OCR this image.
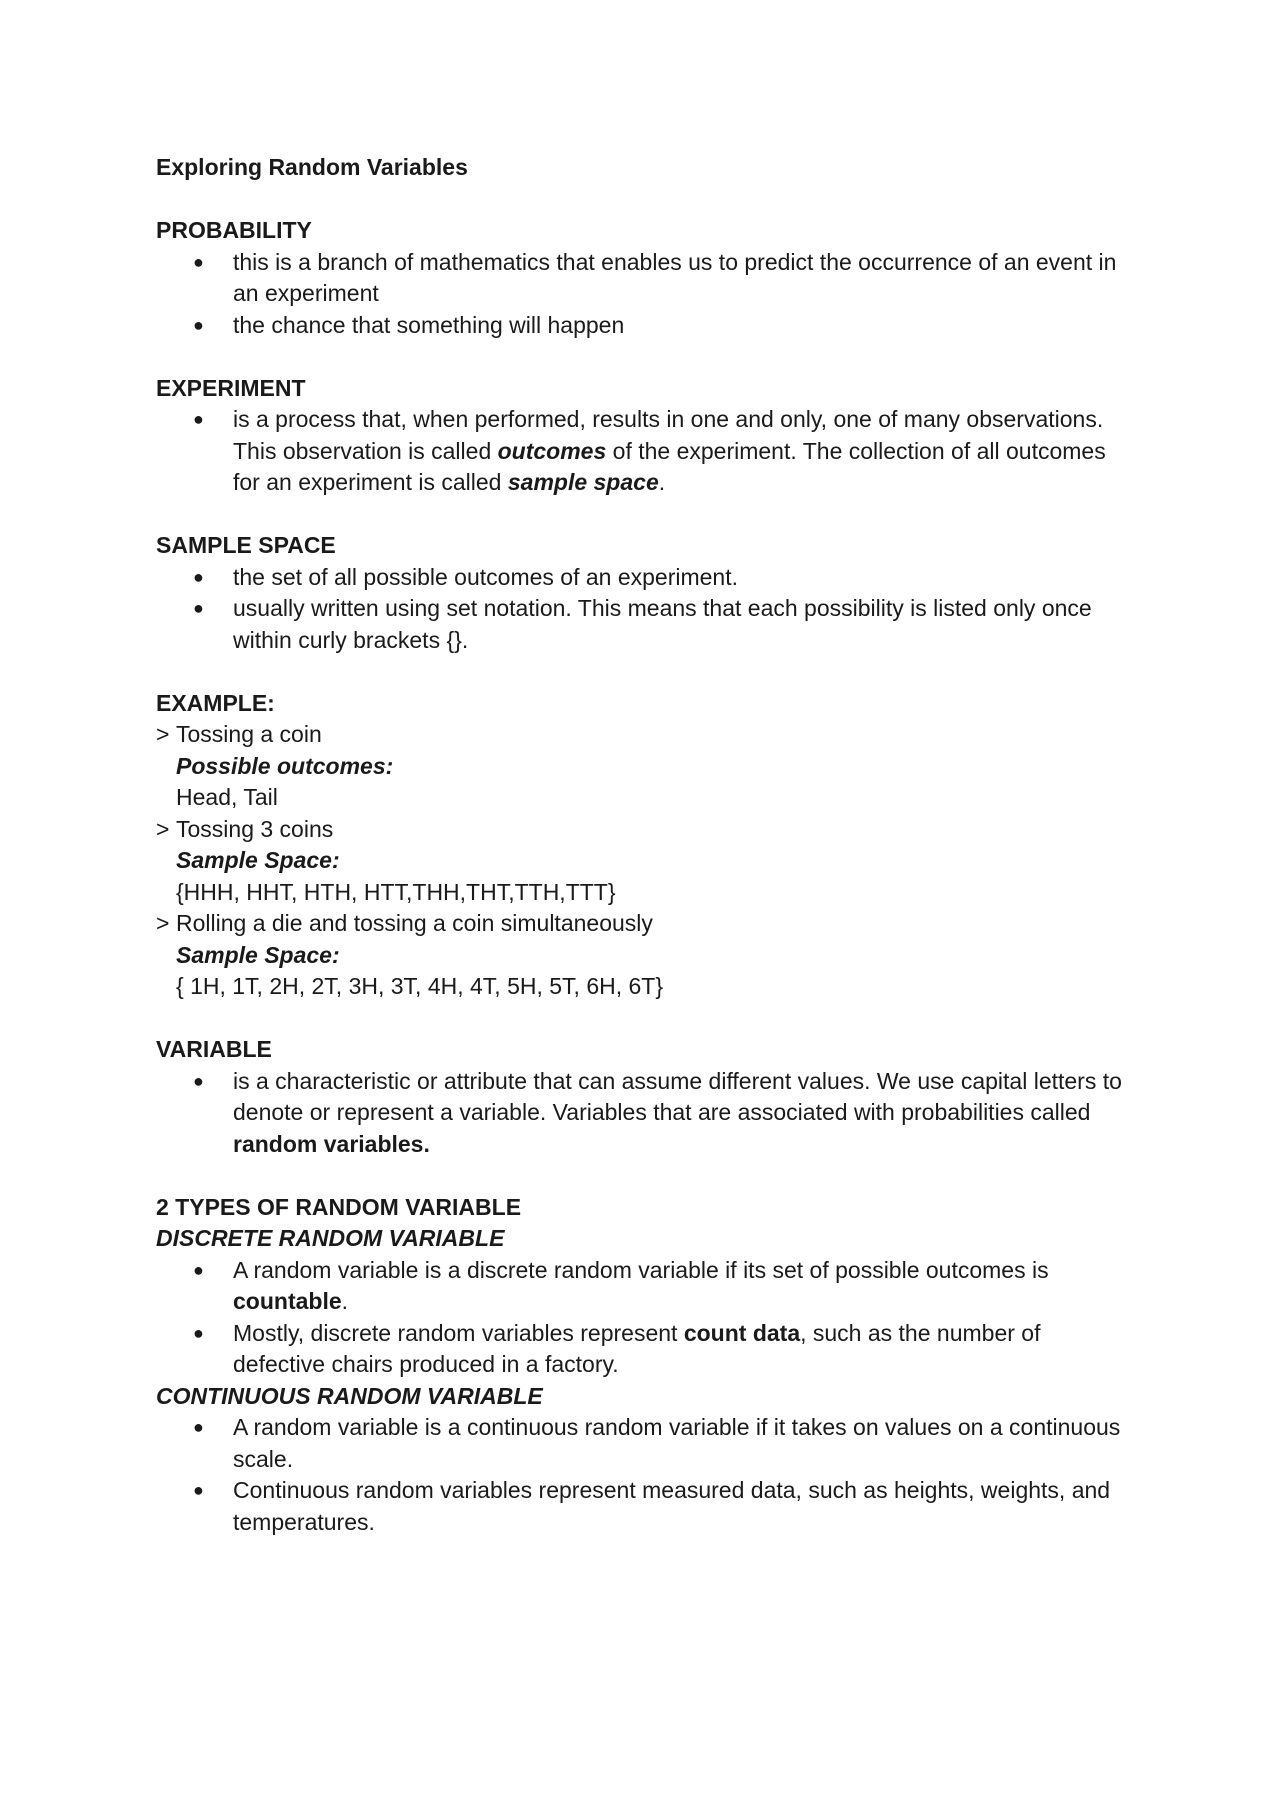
Exploring Random Variables
PROBABILITY
● this is a branch of mathematics that enables us to predict the occurrence of an event in an experiment
● the chance that something will happen
EXPERIMENT
● is a process that, when performed, results in one and only, one of many observations. This observation is called outcomes of the experiment. The collection of all outcomes for an experiment is called sample space.
SAMPLE SPACE
● the set of all possible outcomes of an experiment.
● usually written using set notation. This means that each possibility is listed only once within curly brackets {}.
EXAMPLE:
> Tossing a coin
Possible outcomes:
Head, Tail
> Tossing 3 coins
Sample Space:
{HHH, HHT, HTH, HTT,THH,THT,TTH,TTT}
> Rolling a die and tossing a coin simultaneously
Sample Space:
{ 1H, 1T, 2H, 2T, 3H, 3T, 4H, 4T, 5H, 5T, 6H, 6T}
VARIABLE
● is a characteristic or attribute that can assume different values. We use capital letters to denote or represent a variable. Variables that are associated with probabilities called random variables.
2 TYPES OF RANDOM VARIABLE
DISCRETE RANDOM VARIABLE
● A random variable is a discrete random variable if its set of possible outcomes is countable.
● Mostly, discrete random variables represent count data, such as the number of defective chairs produced in a factory.
CONTINUOUS RANDOM VARIABLE
● A random variable is a continuous random variable if it takes on values on a continuous scale.
● Continuous random variables represent measured data, such as heights, weights, and temperatures.
